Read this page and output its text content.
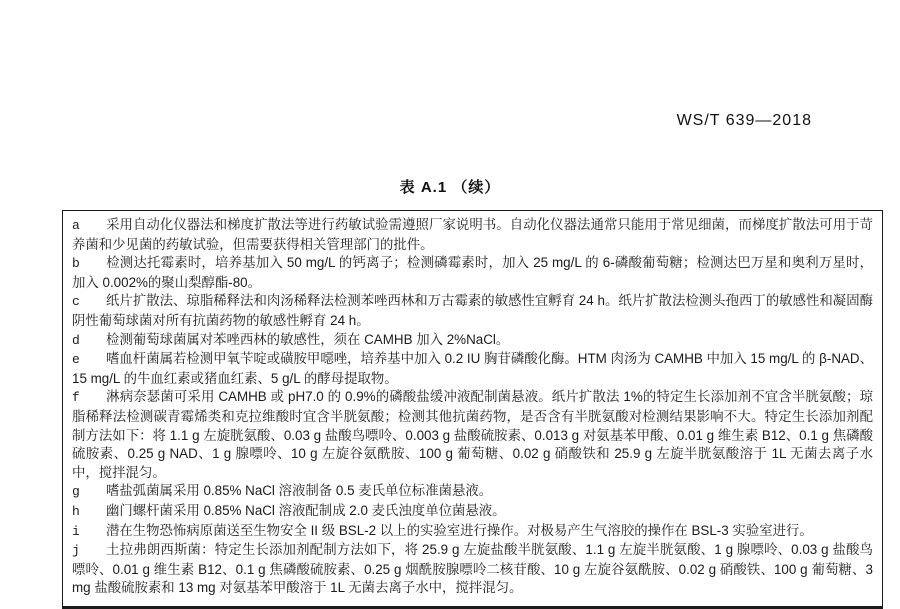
WS/T 639—2018
表 A.1 （续）

a 采用自动化仪器法和梯度扩散法等进行药敏试验需遵照厂家说明书。自动化仪器法通常只能用于常见细菌，而梯度扩散法可用于苛养菌和少见菌的药敏试验，但需要获得相关管理部门的批件。

b 检测达托霉素时，培养基加入 50 mg/L 的钙离子；检测磷霉素时，加入 25 mg/L 的 6-磷酸葡萄糖；检测达巴万星和奥利万星时，加入 0.002%的聚山梨醇酯-80。

c 纸片扩散法、琼脂稀释法和肉汤稀释法检测苯唑西林和万古霉素的敏感性宜孵育 24 h。纸片扩散法检测头孢西丁的敏感性和凝固酶阴性葡萄球菌对所有抗菌药物的敏感性孵育 24 h。

d 检测葡萄球菌属对苯唑西林的敏感性，须在 CAMHB 加入 2%NaCl。

e 嗜血杆菌属若检测甲氧苄啶或磺胺甲噁唑，培养基中加入 0.2 IU 胸苷磷酸化酶。HTM 肉汤为 CAMHB 中加入 15 mg/L 的 β-NAD、15 mg/L 的牛血红素或猪血红素、5 g/L 的酵母提取物。

f 淋病奈瑟菌可采用 CAMHB 或 pH7.0 的 0.9%的磷酸盐缓冲液配制菌悬液。纸片扩散法 1%的特定生长添加剂不宜含半胱氨酸；琼脂稀释法检测碳青霉烯类和克拉维酸时宜含半胱氨酸；检测其他抗菌药物，是否含有半胱氨酸对检测结果影响不大。特定生长添加剂配制方法如下：将 1.1 g 左旋胱氨酸、0.03 g 盐酸鸟嘌呤、0.003 g 盐酸硫胺素、0.013 g 对氨基苯甲酸、0.01 g 维生素 B12、0.1 g 焦磷酸硫胺素、0.25 g NAD、1 g 腺嘌呤、10 g 左旋谷氨酰胺、100 g 葡萄糖、0.02 g 硝酸铁和 25.9 g 左旋半胱氨酸溶于 1L 无菌去离子水中，搅拌混匀。

g 嗜盐弧菌属采用 0.85% NaCl 溶液制备 0.5 麦氏单位标准菌悬液。

h 幽门螺杆菌采用 0.85% NaCl 溶液配制成 2.0 麦氏浊度单位菌悬液。

i 潜在生物恐怖病原菌送至生物安全 II 级 BSL-2 以上的实验室进行操作。对极易产生气溶胶的操作在 BSL-3 实验室进行。

j 土拉弗朗西斯菌：特定生长添加剂配制方法如下，将 25.9 g 左旋盐酸半胱氨酸、1.1 g 左旋半胱氨酸、1 g 腺嘌呤、0.03 g 盐酸鸟嘌呤、0.01 g 维生素 B12、0.1 g 焦磷酸硫胺素、0.25 g 烟酰胺腺嘌呤二核苷酸、10 g 左旋谷氨酰胺、0.02 g 硝酸铁、100 g 葡萄糖、3 mg 盐酸硫胺素和 13 mg 对氨基苯甲酸溶于 1L 无菌去离子水中，搅拌混匀。
